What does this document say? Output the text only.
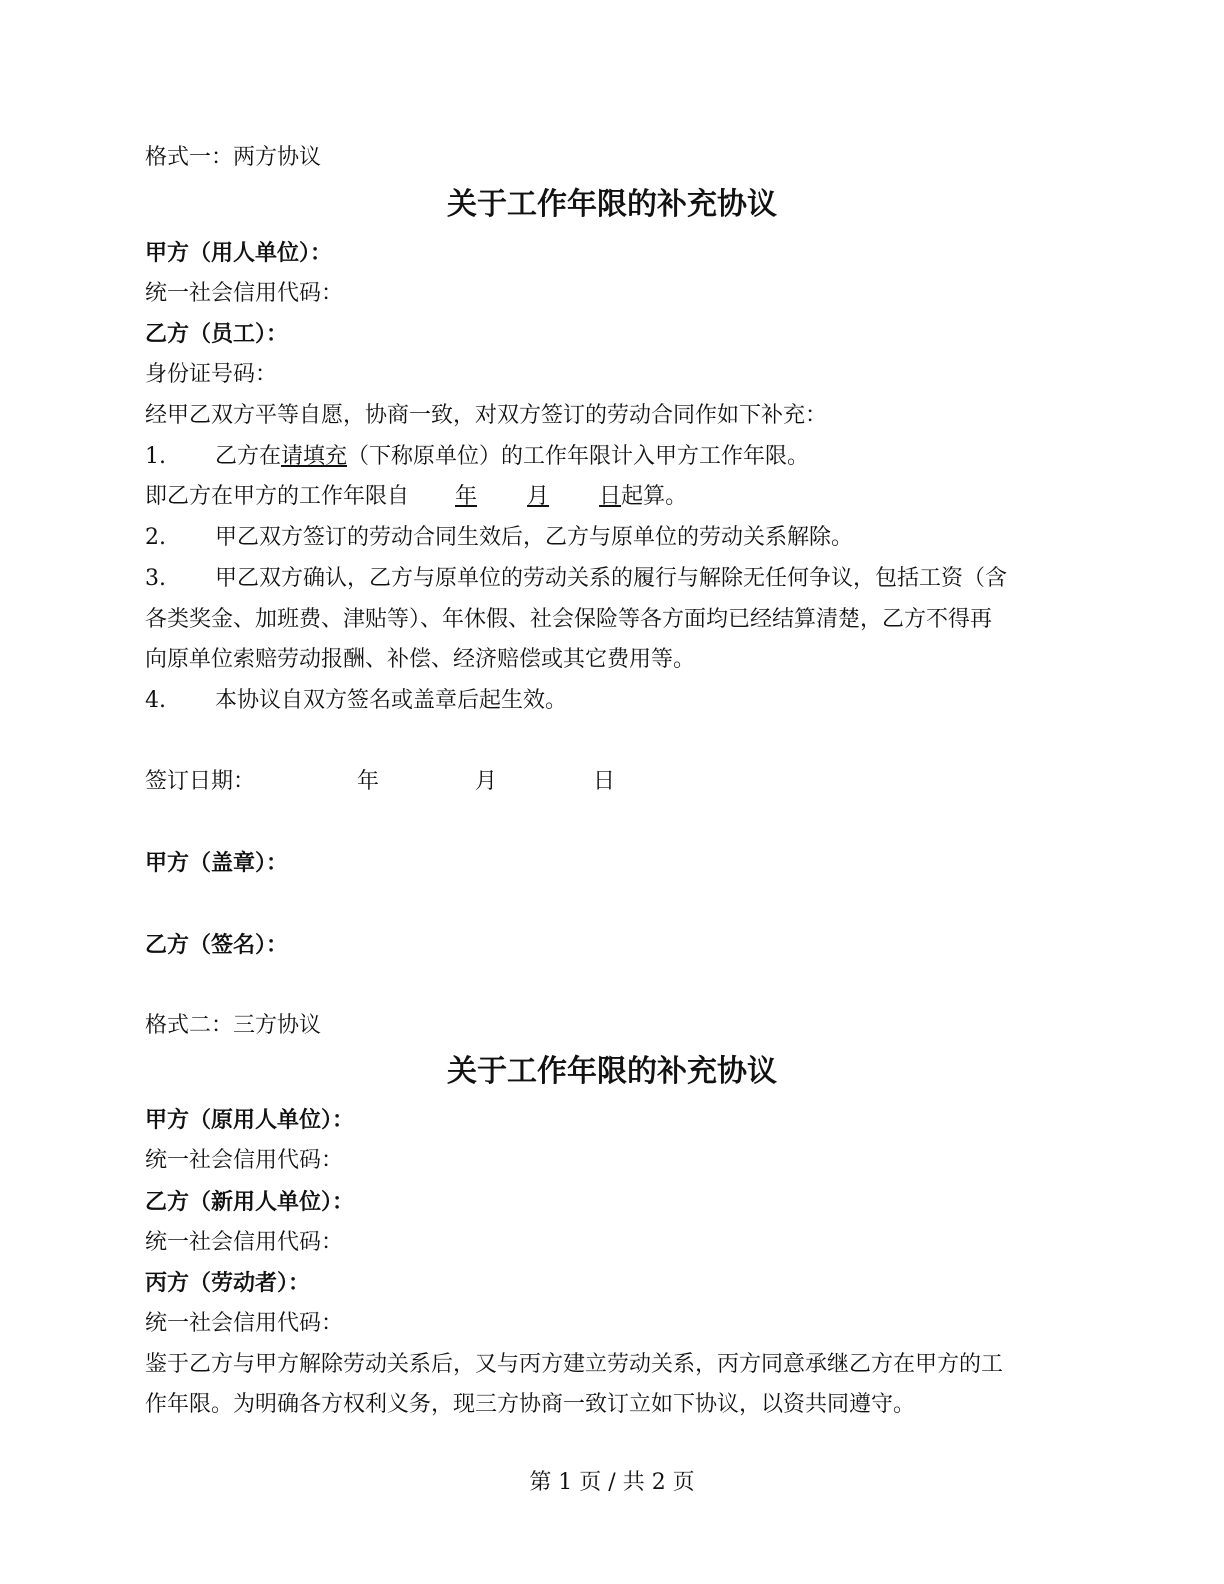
格式一：两方协议
关于工作年限的补充协议
甲方（用人单位）：
统一社会信用代码：
乙方（员工）：
身份证号码：
经甲乙双方平等自愿，协商一致，对双方签订的劳动合同作如下补充：
1. 乙方在请填充（下称原单位）的工作年限计入甲方工作年限。
即乙方在甲方的工作年限自 年 月 日起算。
2. 甲乙双方签订的劳动合同生效后，乙方与原单位的劳动关系解除。
3. 甲乙双方确认，乙方与原单位的劳动关系的履行与解除无任何争议，包括工资（含
各类奖金、加班费、津贴等）、年休假、社会保险等各方面均已经结算清楚，乙方不得再
向原单位索赔劳动报酬、补偿、经济赔偿或其它费用等。
4. 本协议自双方签名或盖章后起生效。
签订日期：	年	月	日
甲方（盖章）：
乙方（签名）：
格式二：三方协议
关于工作年限的补充协议
甲方（原用人单位）：
统一社会信用代码：
乙方（新用人单位）：
统一社会信用代码：
丙方（劳动者）：
统一社会信用代码：
鉴于乙方与甲方解除劳动关系后，又与丙方建立劳动关系，丙方同意承继乙方在甲方的工
作年限。为明确各方权利义务，现三方协商一致订立如下协议，以资共同遵守。
第 1 页 / 共 2 页
